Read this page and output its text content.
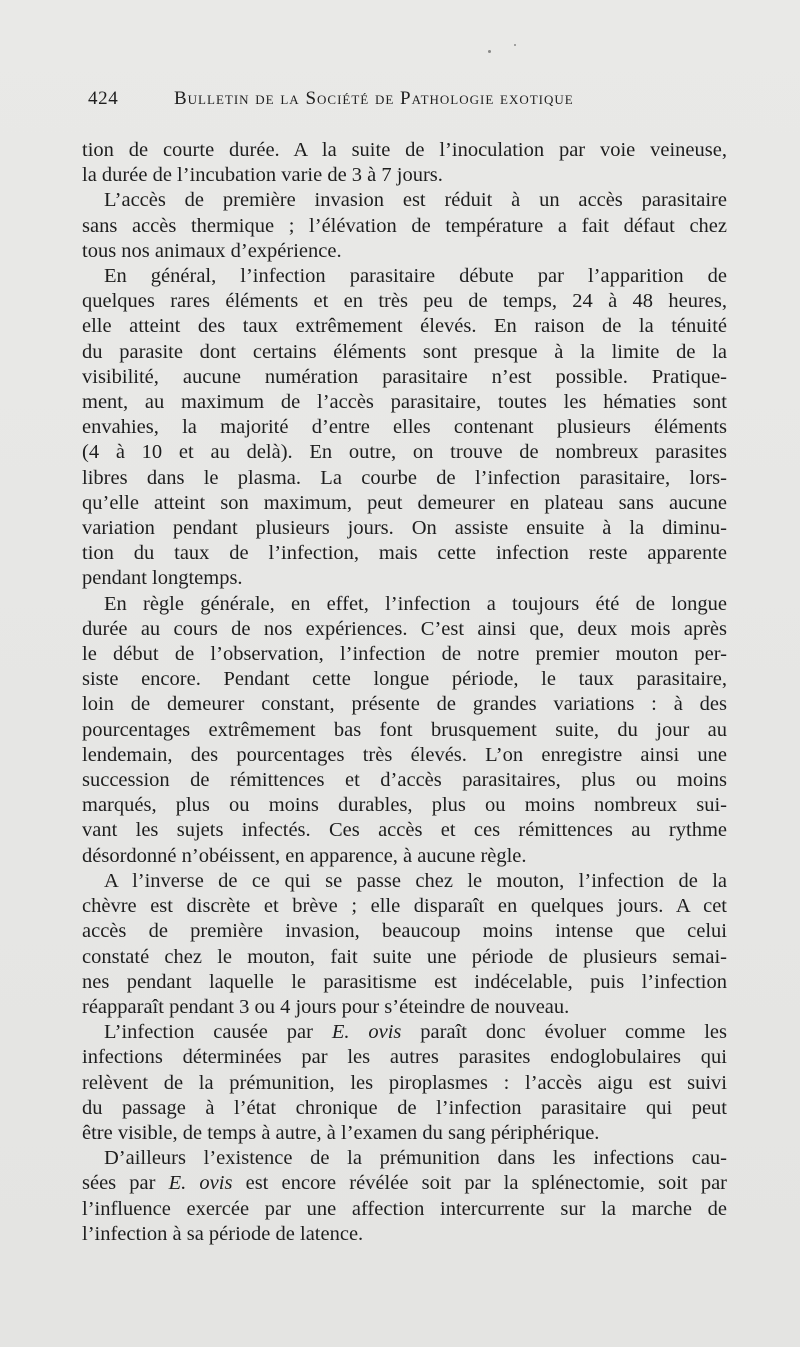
424	Bulletin de la Société de Pathologie exotique
tion de courte durée. A la suite de l’inoculation par voie veineuse,
la durée de l’incubation varie de 3 à 7 jours.
L’accès de première invasion est réduit à un accès parasitaire
sans accès thermique ; l’élévation de température a fait défaut chez
tous nos animaux d’expérience.
En général, l’infection parasitaire débute par l’apparition de
quelques rares éléments et en très peu de temps, 24 à 48 heures,
elle atteint des taux extrêmement élevés. En raison de la ténuité
du parasite dont certains éléments sont presque à la limite de la
visibilité, aucune numération parasitaire n’est possible. Pratique-
ment, au maximum de l’accès parasitaire, toutes les hématies sont
envahies, la majorité d’entre elles contenant plusieurs éléments
(4 à 10 et au delà). En outre, on trouve de nombreux parasites
libres dans le plasma. La courbe de l’infection parasitaire, lors-
qu’elle atteint son maximum, peut demeurer en plateau sans aucune
variation pendant plusieurs jours. On assiste ensuite à la diminu-
tion du taux de l’infection, mais cette infection reste apparente
pendant longtemps.
En règle générale, en effet, l’infection a toujours été de longue
durée au cours de nos expériences. C’est ainsi que, deux mois après
le début de l’observation, l’infection de notre premier mouton per-
siste encore. Pendant cette longue période, le taux parasitaire,
loin de demeurer constant, présente de grandes variations : à des
pourcentages extrêmement bas font brusquement suite, du jour au
lendemain, des pourcentages très élevés. L’on enregistre ainsi une
succession de rémittences et d’accès parasitaires, plus ou moins
marqués, plus ou moins durables, plus ou moins nombreux sui-
vant les sujets infectés. Ces accès et ces rémittences au rythme
désordonné n’obéissent, en apparence, à aucune règle.
A l’inverse de ce qui se passe chez le mouton, l’infection de la
chèvre est discrète et brève ; elle disparaît en quelques jours. A cet
accès de première invasion, beaucoup moins intense que celui
constaté chez le mouton, fait suite une période de plusieurs semai-
nes pendant laquelle le parasitisme est indécelable, puis l’infection
réapparaît pendant 3 ou 4 jours pour s’éteindre de nouveau.
L’infection causée par E. ovis paraît donc évoluer comme les
infections déterminées par les autres parasites endoglobulaires qui
relèvent de la prémunition, les piroplasmes : l’accès aigu est suivi
du passage à l’état chronique de l’infection parasitaire qui peut
être visible, de temps à autre, à l’examen du sang périphérique.
D’ailleurs l’existence de la prémunition dans les infections cau-
sées par E. ovis est encore révélée soit par la splénectomie, soit par
l’influence exercée par une affection intercurrente sur la marche de
l’infection à sa période de latence.
